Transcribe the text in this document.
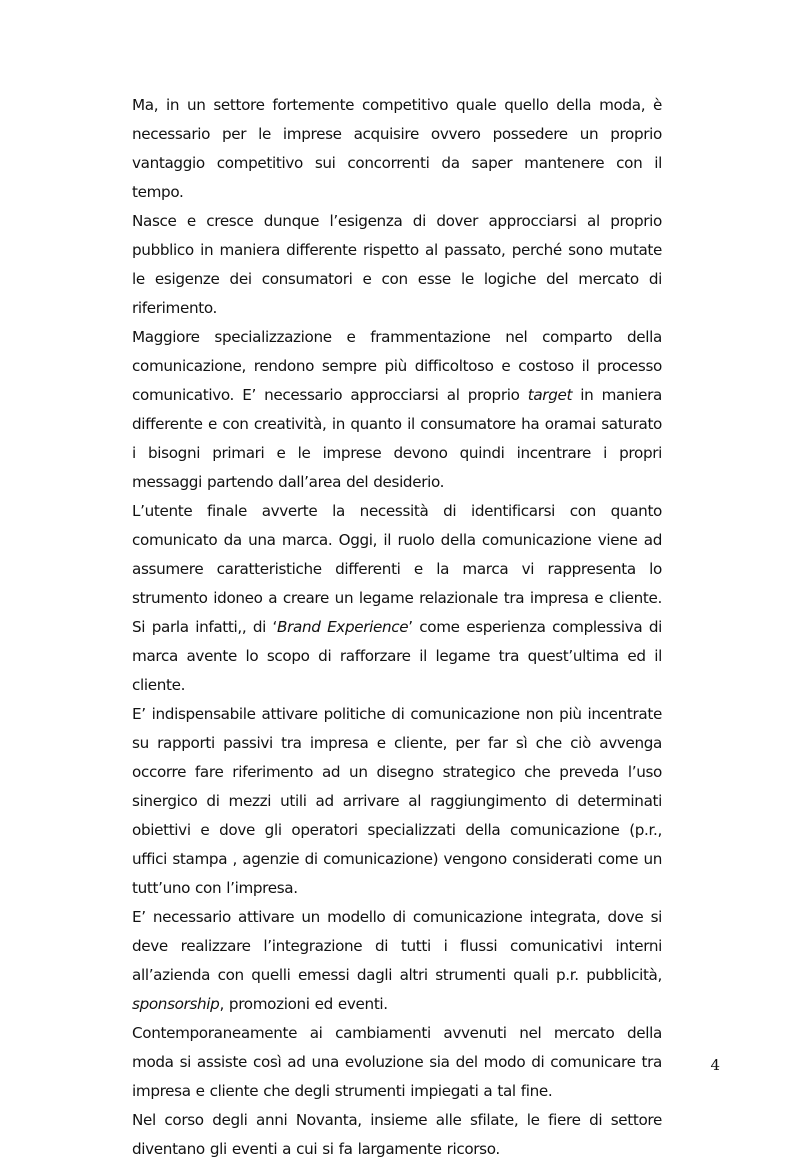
Ma, in un settore fortemente competitivo quale quello della moda, è necessario per le imprese acquisire ovvero possedere un proprio vantaggio competitivo sui concorrenti da saper mantenere con il tempo.

Nasce e cresce dunque l’esigenza di dover approcciarsi al proprio pubblico in maniera differente rispetto al passato, perché sono mutate le esigenze dei consumatori e con esse le logiche del mercato di riferimento.

Maggiore specializzazione e frammentazione nel comparto della comunicazione, rendono sempre più difficoltoso e costoso il processo comunicativo. E’ necessario approcciarsi al proprio target in maniera differente e con creatività, in quanto il consumatore ha oramai saturato i bisogni primari e le imprese devono quindi incentrare i propri messaggi partendo dall’area del desiderio.

L’utente finale avverte la necessità di identificarsi con quanto comunicato da una marca. Oggi, il ruolo della comunicazione viene ad assumere caratteristiche differenti e la marca vi rappresenta lo strumento idoneo a creare un legame relazionale tra impresa e cliente. Si parla infatti,, di ‘Brand Experience’ come esperienza complessiva di marca avente lo scopo di rafforzare il legame tra quest’ultima ed il cliente.

E’ indispensabile attivare politiche di comunicazione non più incentrate su rapporti passivi tra impresa e cliente, per far sì che ciò avvenga occorre fare riferimento ad un disegno strategico che preveda l’uso sinergico di mezzi utili ad arrivare al raggiungimento di determinati obiettivi e dove gli operatori specializzati della comunicazione (p.r., uffici stampa , agenzie di comunicazione) vengono considerati come un tutt’uno con l’impresa.

E’ necessario attivare un modello di comunicazione integrata, dove si deve realizzare l’integrazione di tutti i flussi comunicativi interni all’azienda con quelli emessi dagli altri strumenti quali p.r. pubblicità, sponsorship, promozioni ed eventi.

Contemporaneamente ai cambiamenti avvenuti nel mercato della moda si assiste così ad una evoluzione sia del modo di comunicare tra impresa e cliente che degli strumenti impiegati a tal fine.

Nel corso degli anni Novanta, insieme alle sfilate, le fiere di settore diventano gli eventi a cui si fa largamente ricorso.

4
